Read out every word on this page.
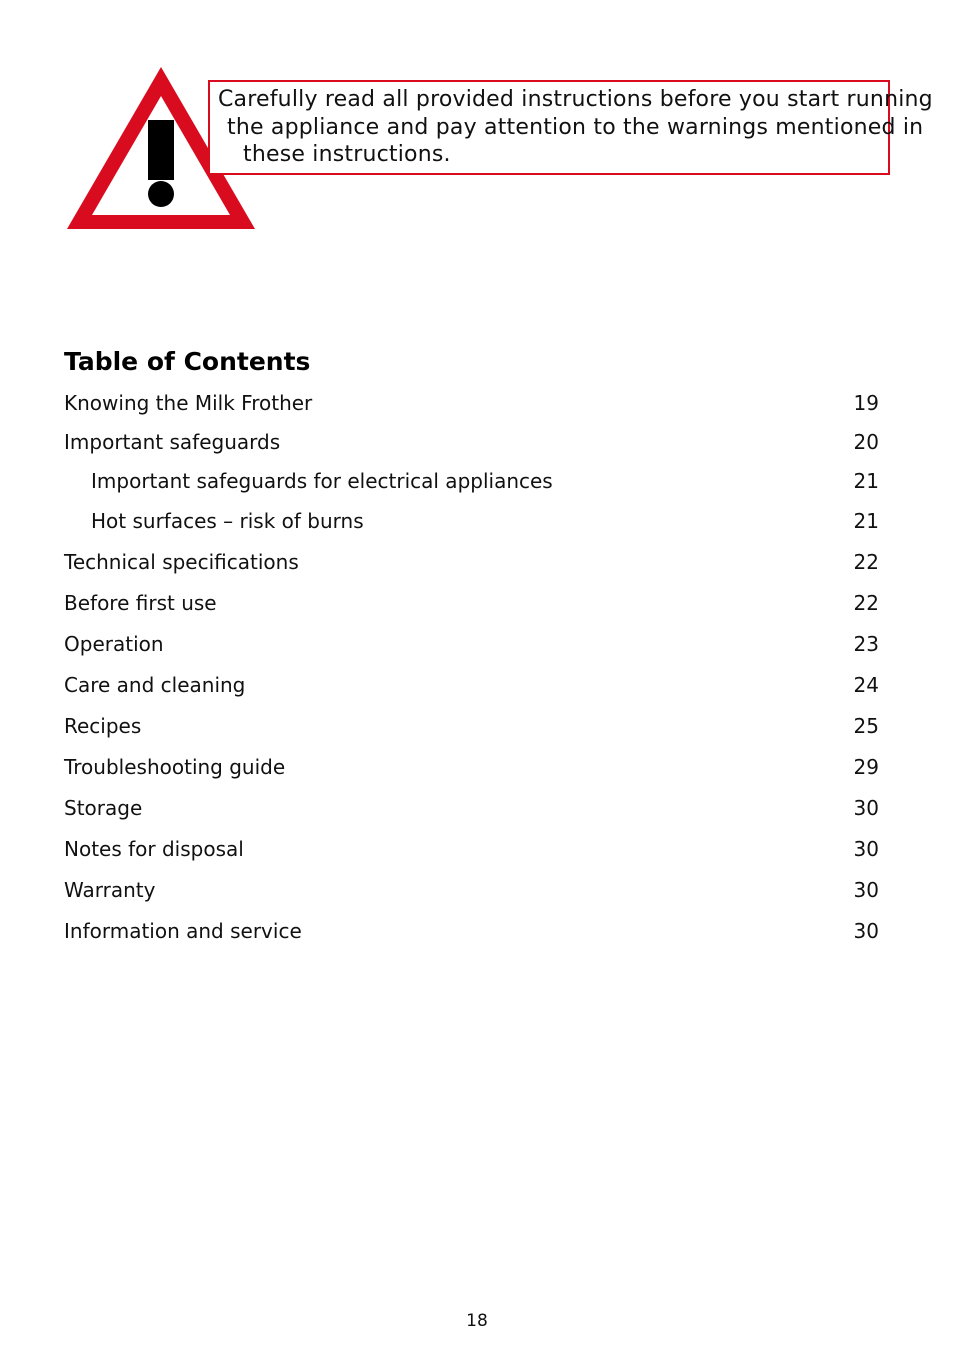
Carefully read all provided instructions before you start running
the appliance and pay attention to the warnings mentioned in
these instructions.
Table of Contents
Knowing the Milk Frother	19
Important safeguards	20
Important safeguards for electrical appliances	21
Hot surfaces – risk of burns	21
Technical specifications	22
Before first use	22
Operation	23
Care and cleaning	24
Recipes	25
Troubleshooting guide	29
Storage	30
Notes for disposal	30
Warranty	30
Information and service	30
18
